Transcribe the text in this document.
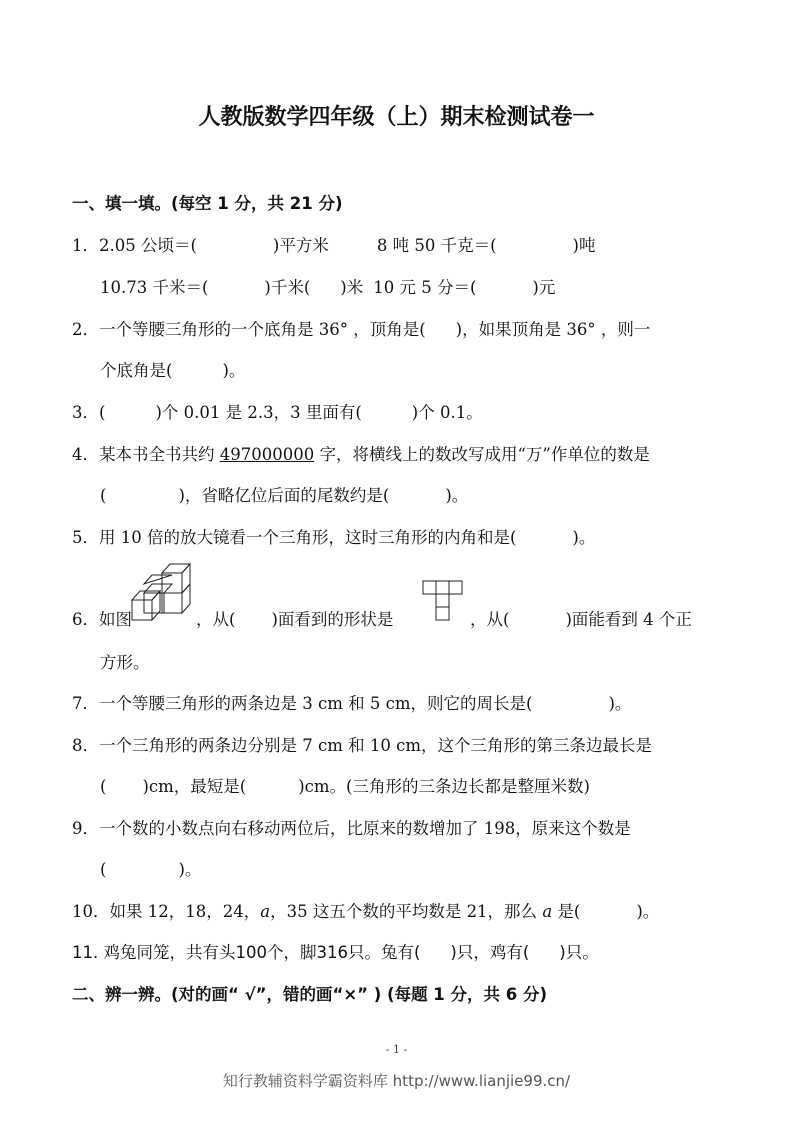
人教版数学四年级（上）期末检测试卷一
一、填一填。(每空 1 分，共 21 分)
1．2.05 公顷＝(	)平方米	8 吨 50 千克＝(	)吨
10.73 千米＝(	)千米( )米 10 元 5 分＝(	)元
2．一个等腰三角形的一个底角是 36° ，顶角是( )，如果顶角是 36° ，则一
个底角是(	)。
3．(	)个 0.01 是 2.3，3 里面有(	)个 0.1。
4．某本书全书共约 497000000 字，将横线上的数改写成用“万”作单位的数是
(	)，省略亿位后面的尾数约是(	)。
5．用 10 倍的放大镜看一个三角形，这时三角形的内角和是(	)。
6．如图	，从( )面看到的形状是	，从(	)面能看到 4 个正
方形。
7．一个等腰三角形的两条边是 3 cm 和 5 cm，则它的周长是(	)。
8．一个三角形的两条边分别是 7 cm 和 10 cm，这个三角形的第三条边最长是
( )cm，最短是(	)cm。(三角形的三条边长都是整厘米数)
9．一个数的小数点向右移动两位后，比原来的数增加了 198，原来这个数是
(	)。
10．如果 12，18，24，a，35 这五个数的平均数是 21，那么 a 是(	)。
11. 鸡兔同笼，共有头100个，脚316只。兔有( )只，鸡有( )只。
二、辨一辨。(对的画“ √”，错的画“×” ) (每题 1 分，共 6 分)
- 1 -
知行教辅资料学霸资料库 http://www.lianjie99.cn/
